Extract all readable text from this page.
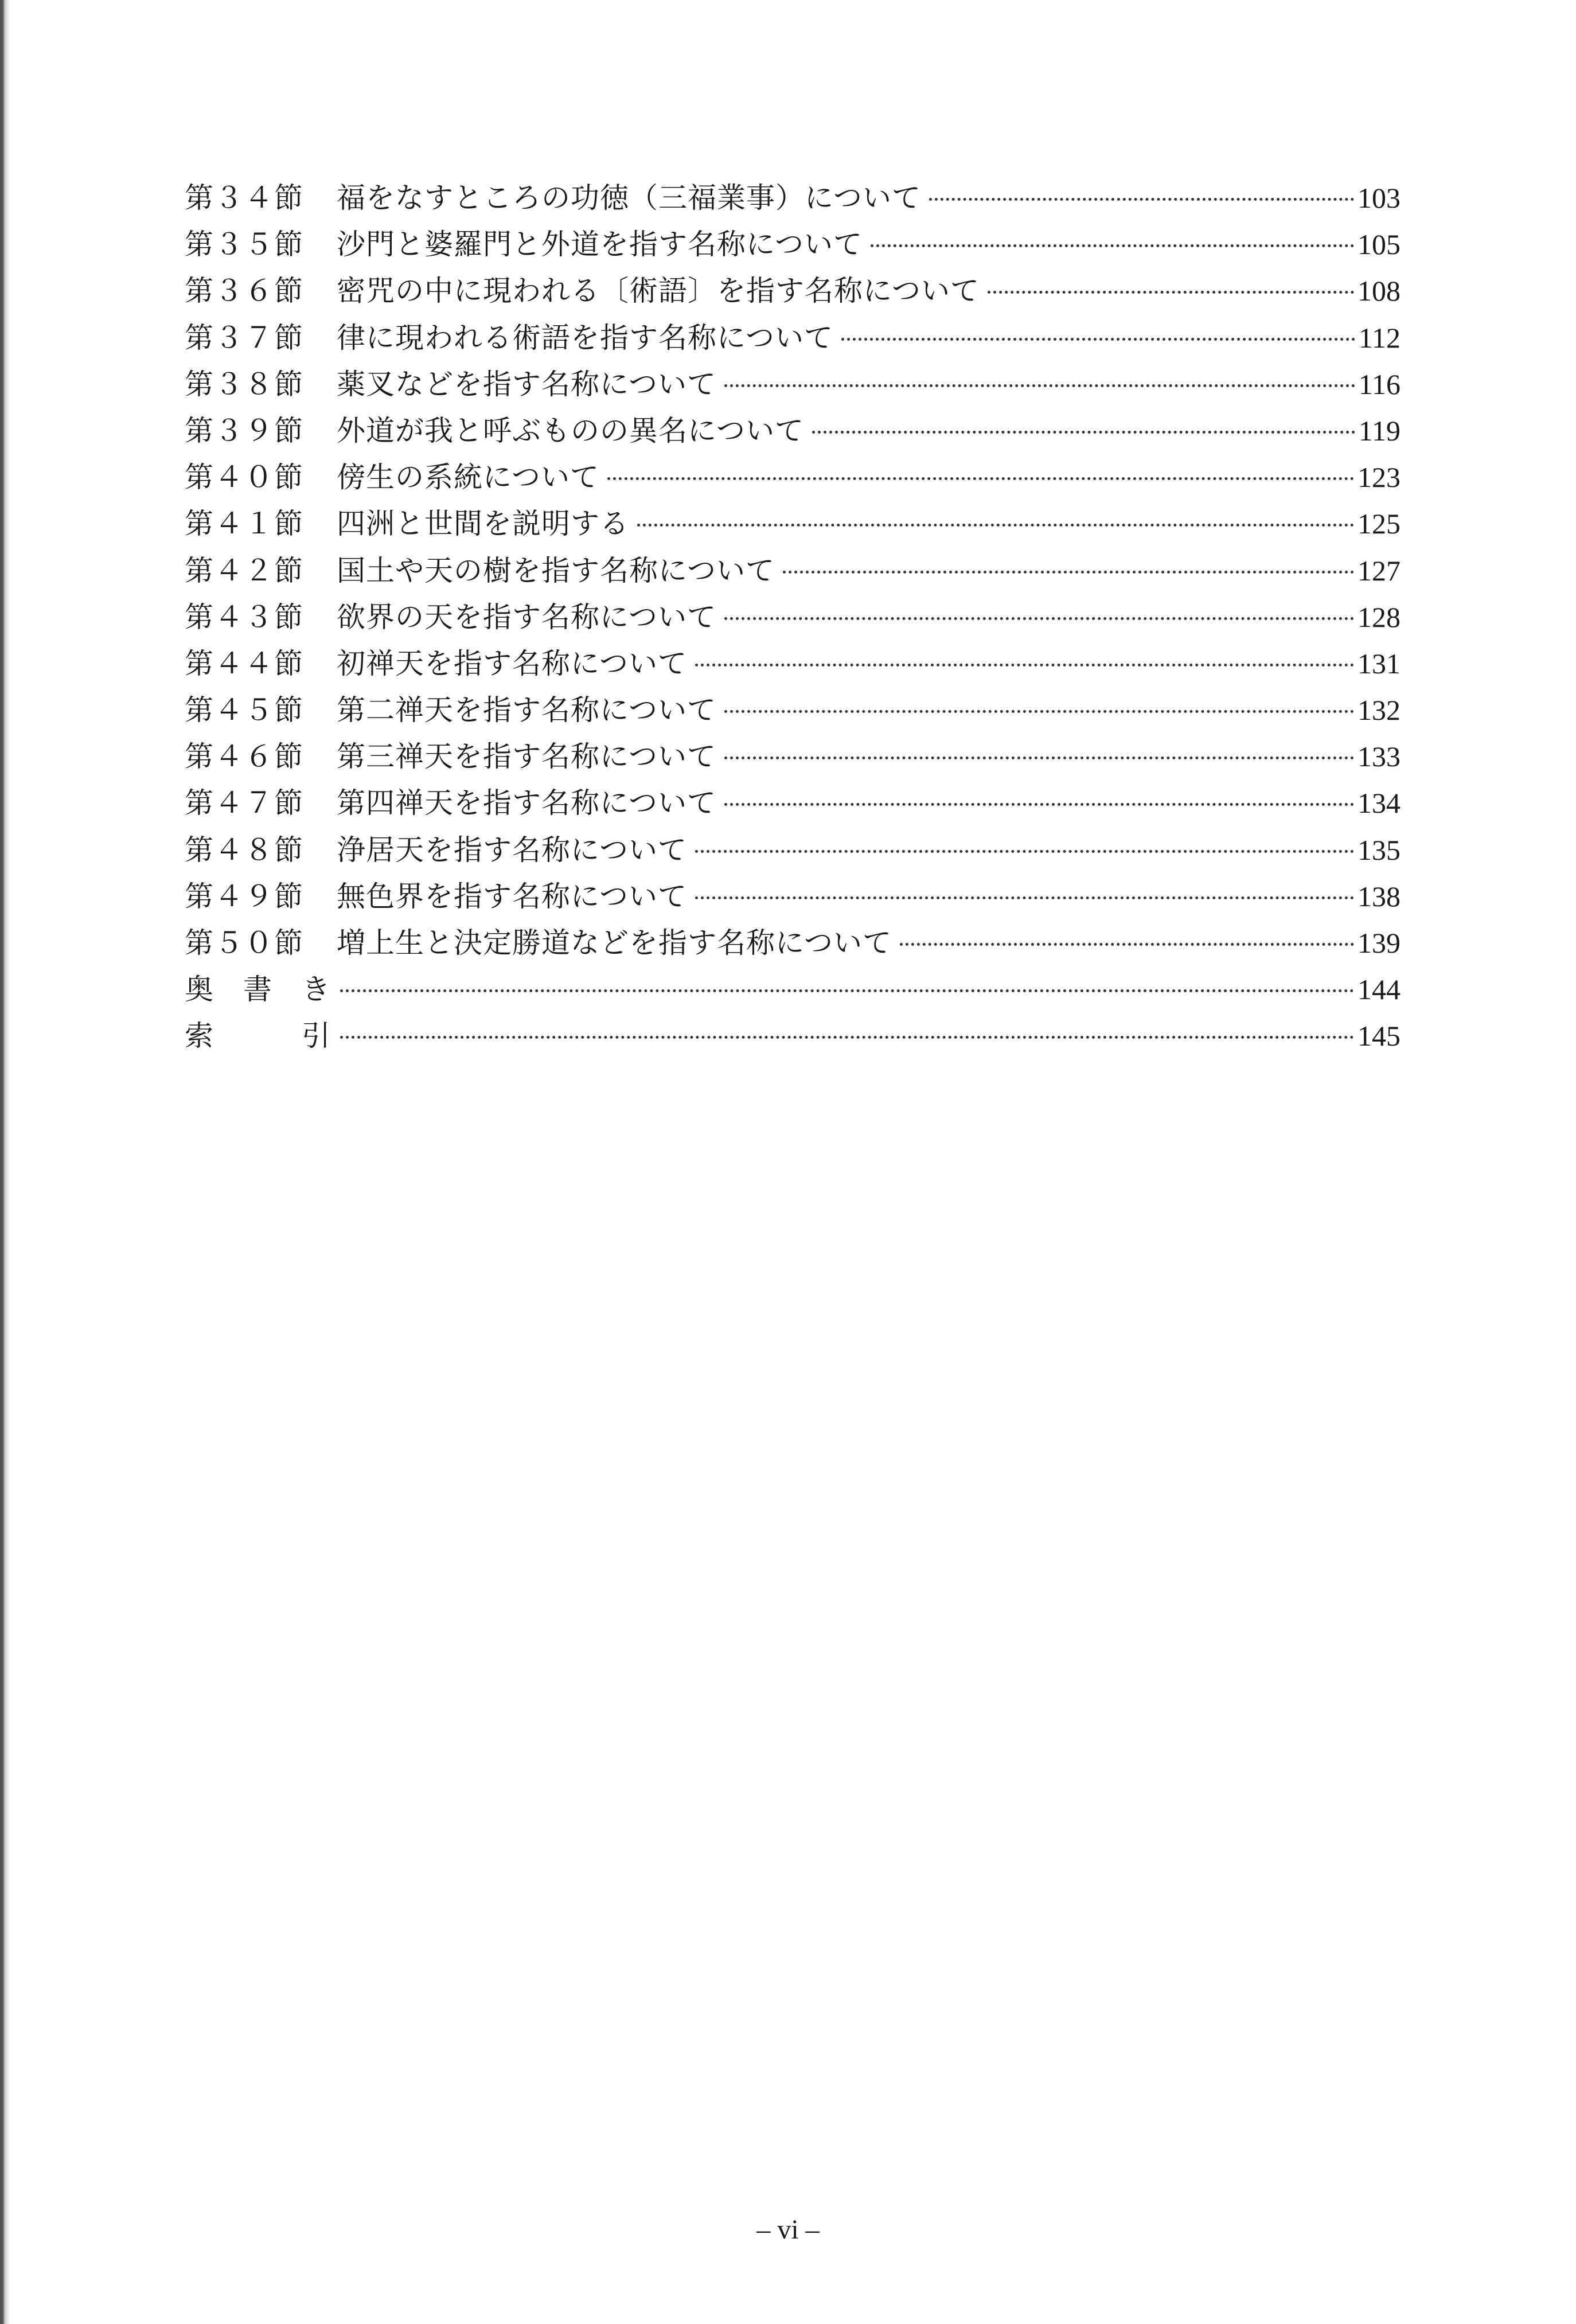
第３４節	福をなすところの功徳（三福業事）について	103
第３５節	沙門と婆羅門と外道を指す名称について	105
第３６節	密咒の中に現われる〔術語〕を指す名称について	108
第３７節	律に現われる術語を指す名称について	112
第３８節	薬叉などを指す名称について	116
第３９節	外道が我と呼ぶものの異名について	119
第４０節	傍生の系統について	123
第４１節	四洲と世間を説明する	125
第４２節	国土や天の樹を指す名称について	127
第４３節	欲界の天を指す名称について	128
第４４節	初禅天を指す名称について	131
第４５節	第二禅天を指す名称について	132
第４６節	第三禅天を指す名称について	133
第４７節	第四禅天を指す名称について	134
第４８節	浄居天を指す名称について	135
第４９節	無色界を指す名称について	138
第５０節	増上生と決定勝道などを指す名称について	139
奥 書 き	144
索	引	145
– vi –
